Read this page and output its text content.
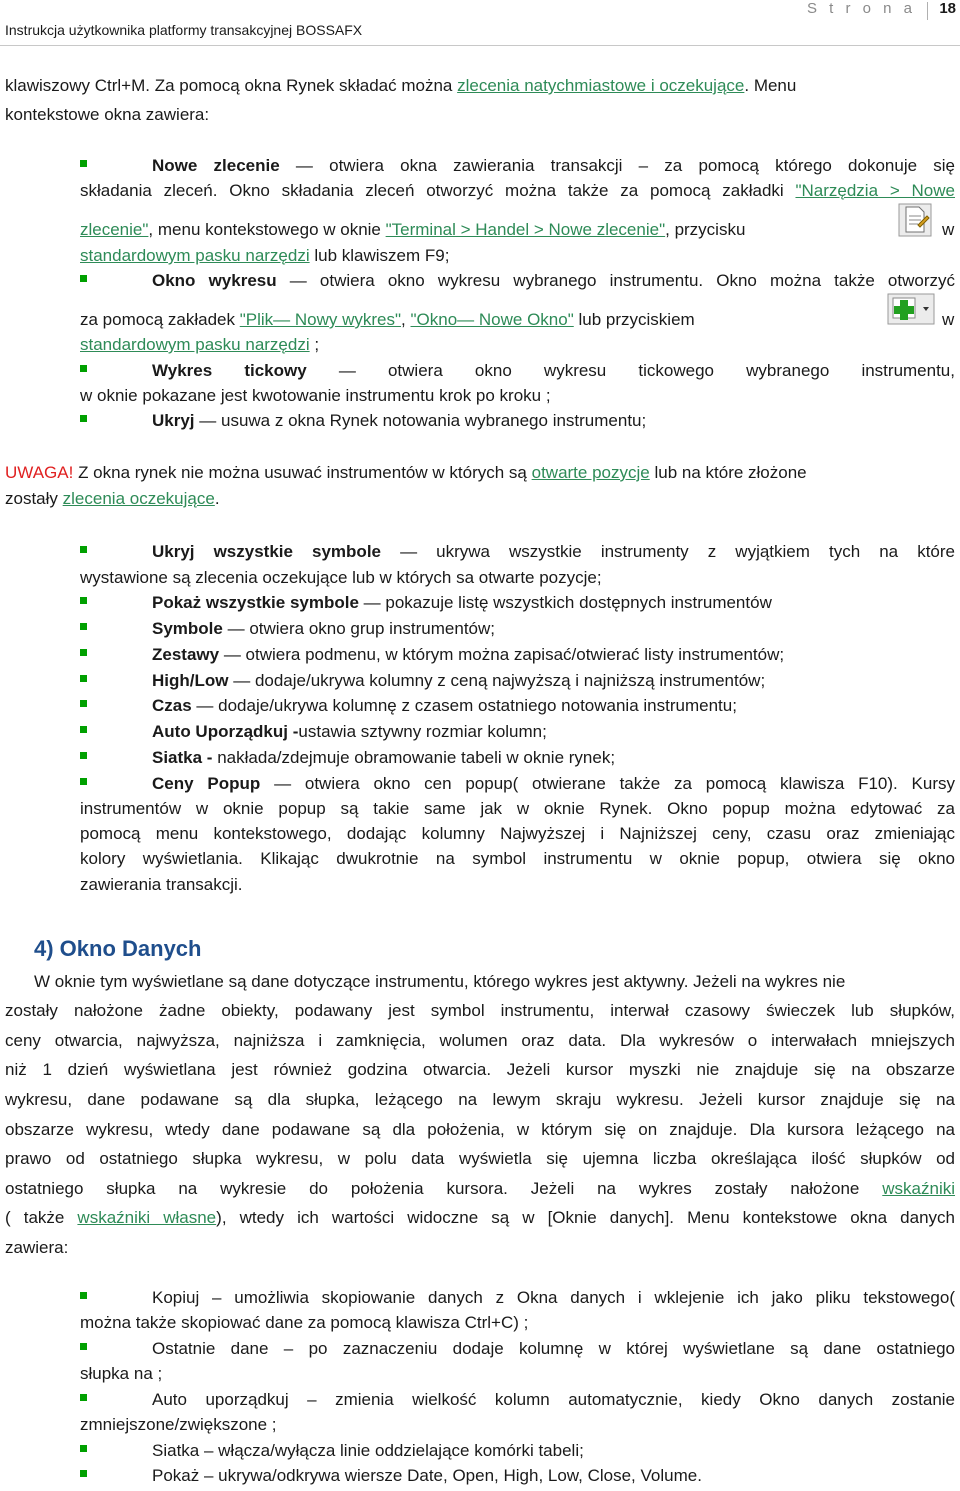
Instrukcja użytkownika platformy transakcyjnej BOSSAFX
S t r o n a 18
klawiszowy Ctrl+M. Za pomocą okna Rynek składać można zlecenia natychmiastowe i oczekujące. Menu
kontekstowe okna zawiera:
Nowe zlecenie — otwiera okna zawierania transakcji – za pomocą którego dokonuje się
składania zleceń. Okno składania zleceń otworzyć można także za pomocą zakładki "Narzędzia > Nowe
zlecenie", menu kontekstowego w oknie "Terminal > Handel > Nowe zlecenie", przycisku	w
standardowym pasku narzędzi lub klawiszem F9;
Okno wykresu — otwiera okno wykresu wybranego instrumentu. Okno można także otworzyć
za pomocą zakładek "Plik— Nowy wykres", "Okno— Nowe Okno" lub przyciskiem	w
standardowym pasku narzędzi ;
Wykres tickowy — otwiera okno wykresu tickowego wybranego instrumentu,
w oknie pokazane jest kwotowanie instrumentu krok po kroku ;
Ukryj — usuwa z okna Rynek notowania wybranego instrumentu;
UWAGA! Z okna rynek nie można usuwać instrumentów w których są otwarte pozycje lub na które złożone
zostały zlecenia oczekujące.
Ukryj wszystkie symbole — ukrywa wszystkie instrumenty z wyjątkiem tych na które
wystawione są zlecenia oczekujące lub w których sa otwarte pozycje;
Pokaż wszystkie symbole — pokazuje listę wszystkich dostępnych instrumentów
Symbole — otwiera okno grup instrumentów;
Zestawy — otwiera podmenu, w którym można zapisać/otwierać listy instrumentów;
High/Low — dodaje/ukrywa kolumny z ceną najwyższą i najniższą instrumentów;
Czas — dodaje/ukrywa kolumnę z czasem ostatniego notowania instrumentu;
Auto Uporządkuj -ustawia sztywny rozmiar kolumn;
Siatka - nakłada/zdejmuje obramowanie tabeli w oknie rynek;
Ceny Popup — otwiera okno cen popup( otwierane także za pomocą klawisza F10). Kursy
instrumentów w oknie popup są takie same jak w oknie Rynek. Okno popup można edytować za
pomocą menu kontekstowego, dodając kolumny Najwyższej i Najniższej ceny, czasu oraz zmieniając
kolory wyświetlania. Klikając dwukrotnie na symbol instrumentu w oknie popup, otwiera się okno
zawierania transakcji.
4) Okno Danych
W oknie tym wyświetlane są dane dotyczące instrumentu, którego wykres jest aktywny. Jeżeli na wykres nie
zostały nałożone żadne obiekty, podawany jest symbol instrumentu, interwał czasowy świeczek lub słupków,
ceny otwarcia, najwyższa, najniższa i zamknięcia, wolumen oraz data. Dla wykresów o interwałach mniejszych
niż 1 dzień wyświetlana jest również godzina otwarcia. Jeżeli kursor myszki nie znajduje się na obszarze
wykresu, dane podawane są dla słupka, leżącego na lewym skraju wykresu. Jeżeli kursor znajduje się na
obszarze wykresu, wtedy dane podawane są dla położenia, w którym się on znajduje. Dla kursora leżącego na
prawo od ostatniego słupka wykresu, w polu data wyświetla się ujemna liczba określająca ilość słupków od
ostatniego słupka na wykresie do położenia kursora. Jeżeli na wykres zostały nałożone wskaźniki
( także wskaźniki własne), wtedy ich wartości widoczne są w [Oknie danych]. Menu kontekstowe okna danych
zawiera:
Kopiuj – umożliwia skopiowanie danych z Okna danych i wklejenie ich jako pliku tekstowego(
można także skopiować dane za pomocą klawisza Ctrl+C) ;
Ostatnie dane – po zaznaczeniu dodaje kolumnę w której wyświetlane są dane ostatniego
słupka na ;
Auto uporządkuj – zmienia wielkość kolumn automatycznie, kiedy Okno danych zostanie
zmniejszone/zwiększone ;
Siatka – włącza/wyłącza linie oddzielające komórki tabeli;
Pokaż – ukrywa/odkrywa wiersze Date, Open, High, Low, Close, Volume.
